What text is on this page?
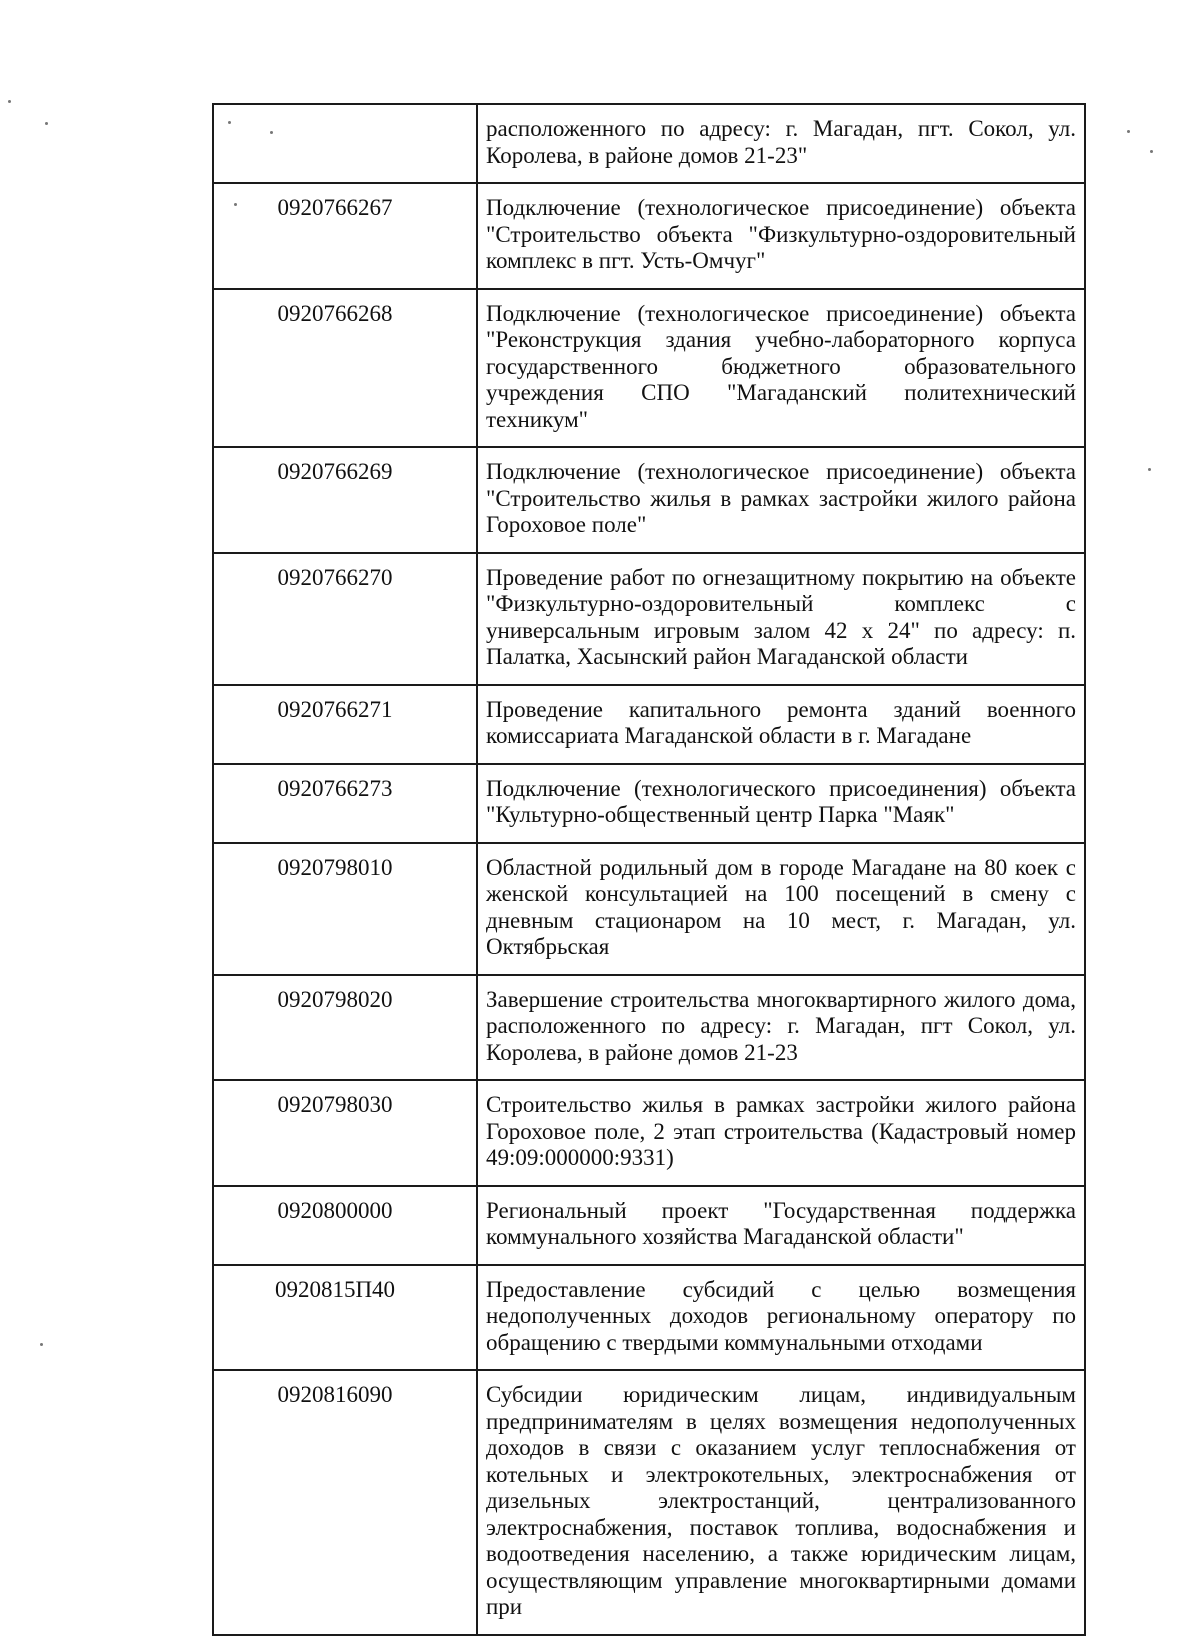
	расположенного по адресу: г. Магадан, пгт. Сокол, ул. Королева, в районе домов 21-23"
0920766267	Подключение (технологическое присоединение) объекта "Строительство объекта "Физкультурно-оздоровительный комплекс в пгт. Усть-Омчуг"
0920766268	Подключение (технологическое присоединение) объекта "Реконструкция здания учебно-лабораторного корпуса государственного бюджетного образовательного учреждения СПО "Магаданский политехнический техникум"
0920766269	Подключение (технологическое присоединение) объекта "Строительство жилья в рамках застройки жилого района Гороховое поле"
0920766270	Проведение работ по огнезащитному покрытию на объекте "Физкультурно-оздоровительный комплекс с универсальным игровым залом 42 х 24" по адресу: п. Палатка, Хасынский район Магаданской области
0920766271	Проведение капитального ремонта зданий военного комиссариата Магаданской области в г. Магадане
0920766273	Подключение (технологического присоединения) объекта "Культурно-общественный центр Парка "Маяк"
0920798010	Областной родильный дом в городе Магадане на 80 коек с женской консультацией на 100 посещений в смену с дневным стационаром на 10 мест, г. Магадан, ул. Октябрьская
0920798020	Завершение строительства многоквартирного жилого дома, расположенного по адресу: г. Магадан, пгт Сокол, ул. Королева, в районе домов 21-23
0920798030	Строительство жилья в рамках застройки жилого района Гороховое поле, 2 этап строительства (Кадастровый номер 49:09:000000:9331)
0920800000	Региональный проект "Государственная поддержка коммунального хозяйства Магаданской области"
0920815П40	Предоставление субсидий с целью возмещения недополученных доходов региональному оператору по обращению с твердыми коммунальными отходами
0920816090	Субсидии юридическим лицам, индивидуальным предпринимателям в целях возмещения недополученных доходов в связи с оказанием услуг теплоснабжения от котельных и электрокотельных, электроснабжения от дизельных электростанций, централизованного электроснабжения, поставок топлива, водоснабжения и водоотведения населению, а также юридическим лицам, осуществляющим управление многоквартирными домами при
